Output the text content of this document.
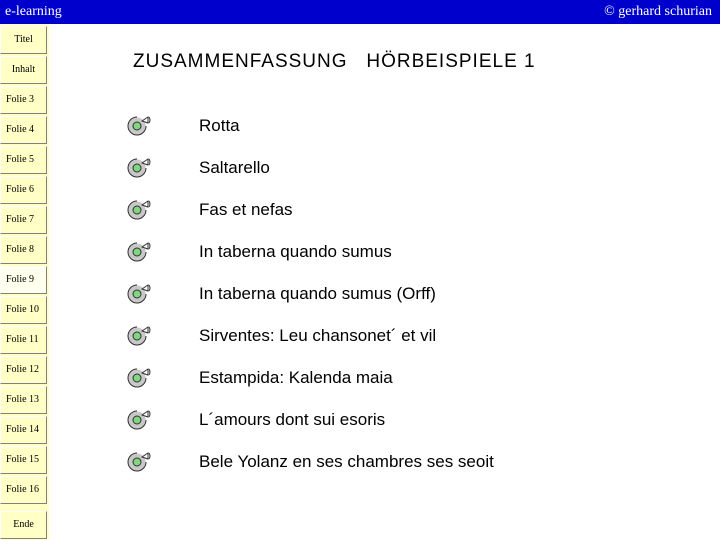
e-learning	© gerhard schurian
Titel
Inhalt
Folie 3
Folie 4
Folie 5
Folie 6
Folie 7
Folie 8
Folie 9
Folie 10
Folie 11
Folie 12
Folie 13
Folie 14
Folie 15
Folie 16
Ende
ZUSAMMENFASSUNG   HÖRBEISPIELE 1
Rotta
Saltarello
Fas et nefas
In taberna quando sumus
In taberna quando sumus (Orff)
Sirventes: Leu chansonet´ et vil
Estampida: Kalenda maia
L´amours dont sui esoris
Bele Yolanz en ses chambres ses seoit
